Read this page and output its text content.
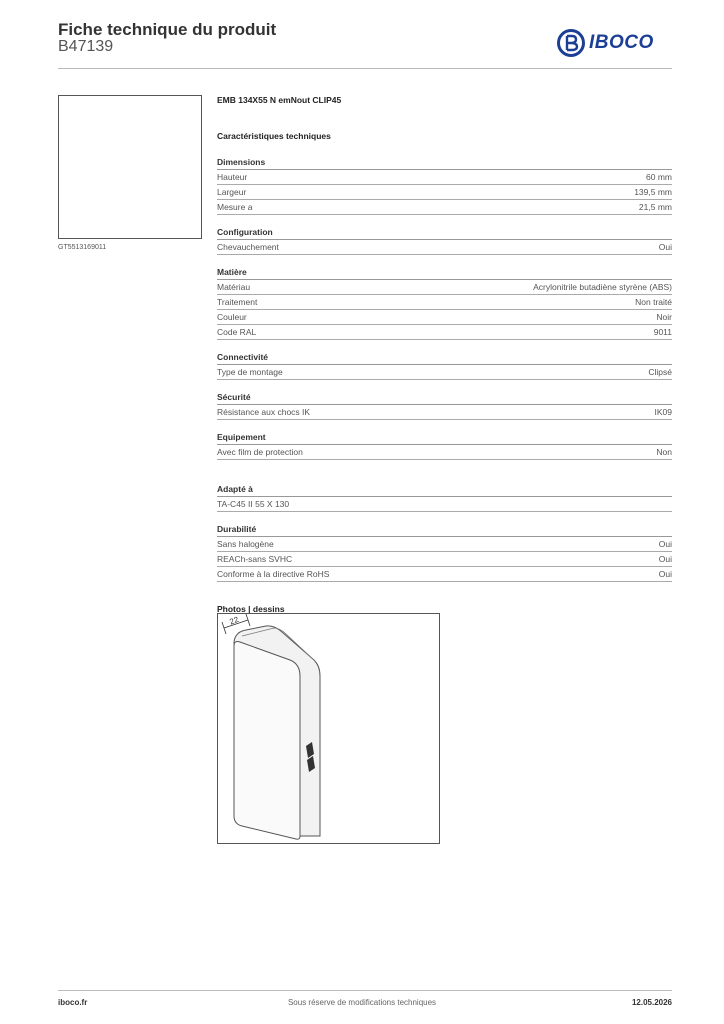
Fiche technique du produit
B47139	IBOCO
GT5513169011
EMB 134X55 N emNout CLIP45
Caractéristiques techniques
Dimensions
Hauteur	60 mm
Largeur	139,5 mm
Mesure a	21,5 mm
Configuration
Chevauchement	Oui
Matière
Matériau	Acrylonitrile butadiène styrène (ABS)
Traitement	Non traité
Couleur	Noir
Code RAL	9011
Connectivité
Type de montage	Clipsé
Sécurité
Résistance aux chocs IK	IK09
Equipement
Avec film de protection	Non
Adapté à
TA-C45 II 55 X 130
Durabilité
Sans halogène	Oui
REACh-sans SVHC	Oui
Conforme à la directive RoHS	Oui
Photos | dessins
22
iboco.fr	Sous réserve de modifications techniques	12.05.2026
